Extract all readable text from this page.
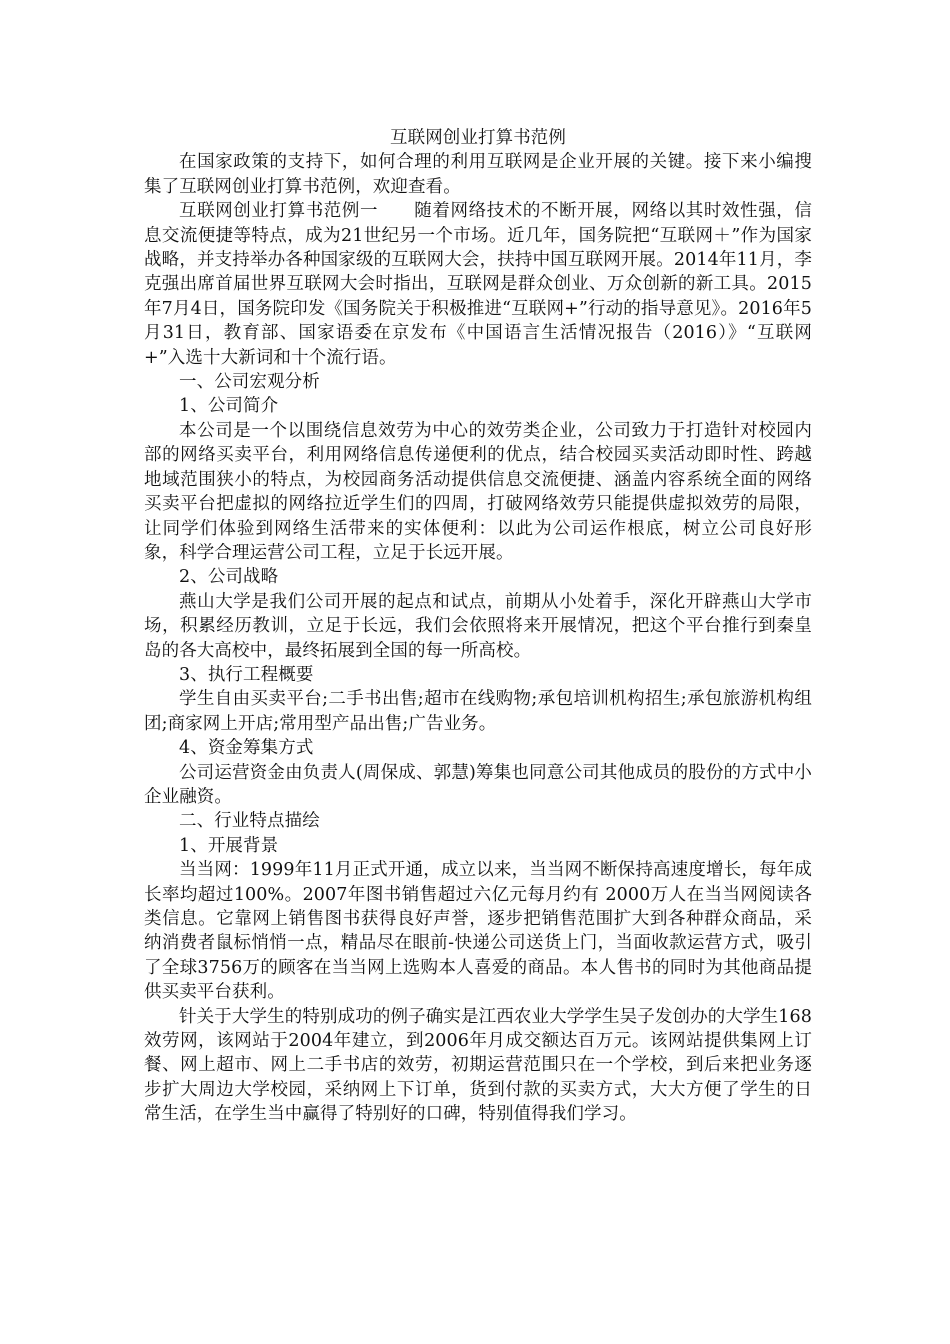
互联网创业打算书范例

在国家政策的支持下，如何合理的利用互联网是企业开展的关键。接下来小编搜集了互联网创业打算书范例，欢迎查看。

互联网创业打算书范例一　　随着网络技术的不断开展，网络以其时效性强，信息交流便捷等特点，成为21世纪另一个市场。近几年，国务院把“互联网＋”作为国家战略，并支持举办各种国家级的互联网大会，扶持中国互联网开展。2014年11月，李克强出席首届世界互联网大会时指出，互联网是群众创业、万众创新的新工具。2015年7月4日，国务院印发《国务院关于积极推进“互联网+”行动的指导意见》。2016年5月31日，教育部、国家语委在京发布《中国语言生活情况报告（2016）》“互联网+”入选十大新词和十个流行语。

一、公司宏观分析

1、公司简介

本公司是一个以围绕信息效劳为中心的效劳类企业，公司致力于打造针对校园内部的网络买卖平台，利用网络信息传递便利的优点，结合校园买卖活动即时性、跨越地域范围狭小的特点，为校园商务活动提供信息交流便捷、涵盖内容系统全面的网络买卖平台把虚拟的网络拉近学生们的四周，打破网络效劳只能提供虚拟效劳的局限，让同学们体验到网络生活带来的实体便利：以此为公司运作根底，树立公司良好形象，科学合理运营公司工程，立足于长远开展。

2、公司战略

燕山大学是我们公司开展的起点和试点，前期从小处着手，深化开辟燕山大学市场，积累经历教训，立足于长远，我们会依照将来开展情况，把这个平台推行到秦皇岛的各大高校中，最终拓展到全国的每一所高校。

3、执行工程概要

学生自由买卖平台;二手书出售;超市在线购物;承包培训机构招生;承包旅游机构组团;商家网上开店;常用型产品出售;广告业务。

4、资金筹集方式

公司运营资金由负责人(周保成、郭慧)筹集也同意公司其他成员的股份的方式中小企业融资。

二、行业特点描绘

1、开展背景

当当网：1999年11月正式开通，成立以来，当当网不断保持高速度增长，每年成长率均超过100%。2007年图书销售超过六亿元每月约有 2000万人在当当网阅读各类信息。它靠网上销售图书获得良好声誉，逐步把销售范围扩大到各种群众商品，采纳消费者鼠标悄悄一点，精品尽在眼前-快递公司送货上门，当面收款运营方式，吸引了全球3756万的顾客在当当网上选购本人喜爱的商品。本人售书的同时为其他商品提供买卖平台获利。

针关于大学生的特别成功的例子确实是江西农业大学学生吴子发创办的大学生168效劳网，该网站于2004年建立，到2006年月成交额达百万元。该网站提供集网上订餐、网上超市、网上二手书店的效劳，初期运营范围只在一个学校，到后来把业务逐步扩大周边大学校园，采纳网上下订单，货到付款的买卖方式，大大方便了学生的日常生活，在学生当中赢得了特别好的口碑，特别值得我们学习。
